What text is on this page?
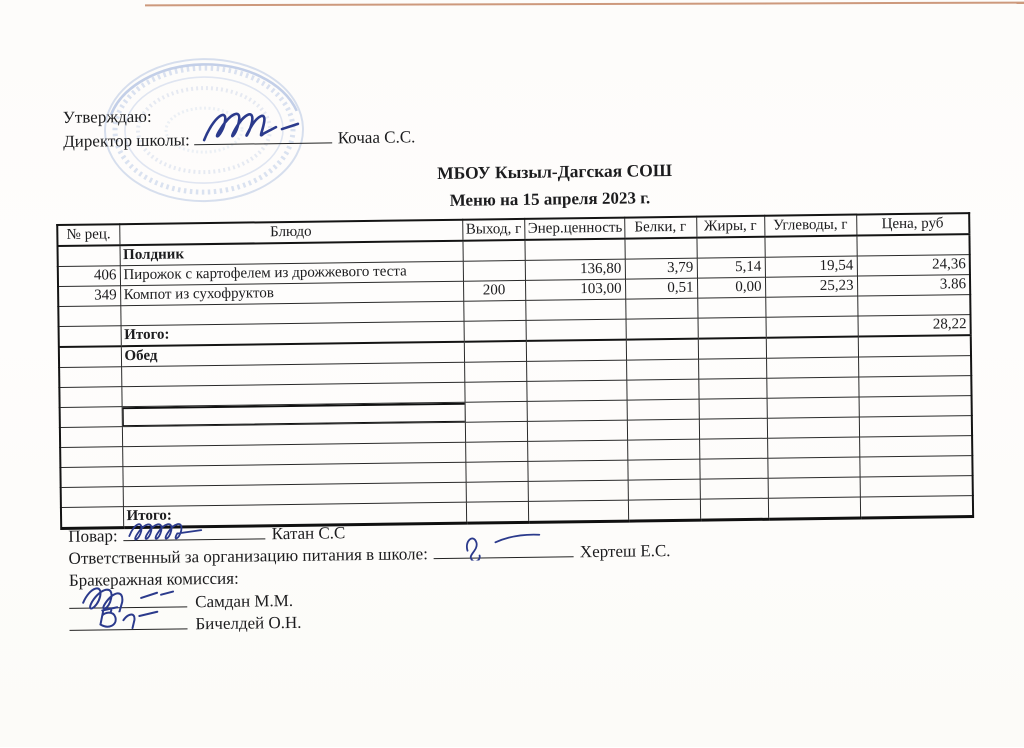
Утверждаю:
Директор школы:	Кочаа С.С.
МБОУ Кызыл-Дагская СОШ
Меню на 15 апреля 2023 г.
№ рец.	Блюдо	Выход, г	Энер.ценность	Белки, г	Жиры, г	Углеводы, г	Цена, руб
	Полдник						
406	Пирожок с картофелем из дрожжевого теста		136,80	3,79	5,14	19,54	24,36
349	Компот из сухофруктов	200	103,00	0,51	0,00	25,23	3.86

	Итого:						28,22
	Обед						

	Итого:						
Повар:	Катан С.С
Ответственный за организацию питания в школе:	Хертеш Е.С.
Бракеражная комиссия:
Самдан М.М.
Бичелдей О.Н.
